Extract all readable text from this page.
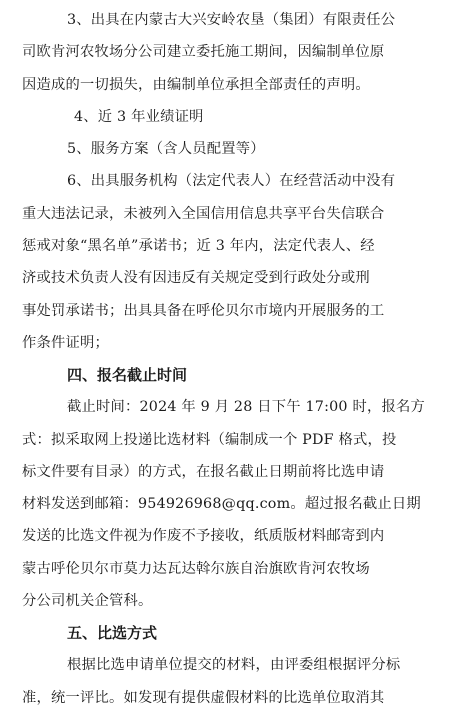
3、出具在内蒙古大兴安岭农垦（集团）有限责任公
司欧肯河农牧场分公司建立委托施工期间，因编制单位原
因造成的一切损失，由编制单位承担全部责任的声明。

4、近 3 年业绩证明

5、服务方案（含人员配置等）

6、出具服务机构（法定代表人）在经营活动中没有
重大违法记录，未被列入全国信用信息共享平台失信联合
惩戒对象“黑名单”承诺书；近 3 年内，法定代表人、经
济或技术负责人没有因违反有关规定受到行政处分或刑
事处罚承诺书；出具具备在呼伦贝尔市境内开展服务的工
作条件证明；

四、报名截止时间

截止时间：2024 年 9 月 28 日下午 17:00 时，报名方
式：拟采取网上投递比选材料（编制成一个 PDF 格式，投
标文件要有目录）的方式，在报名截止日期前将比选申请
材料发送到邮箱：954926968@qq.com。超过报名截止日期
发送的比选文件视为作废不予接收，纸质版材料邮寄到内
蒙古呼伦贝尔市莫力达瓦达斡尔族自治旗欧肯河农牧场
分公司机关企管科。

五、比选方式

根据比选申请单位提交的材料，由评委组根据评分标
准，统一评比。如发现有提供虚假材料的比选单位取消其
